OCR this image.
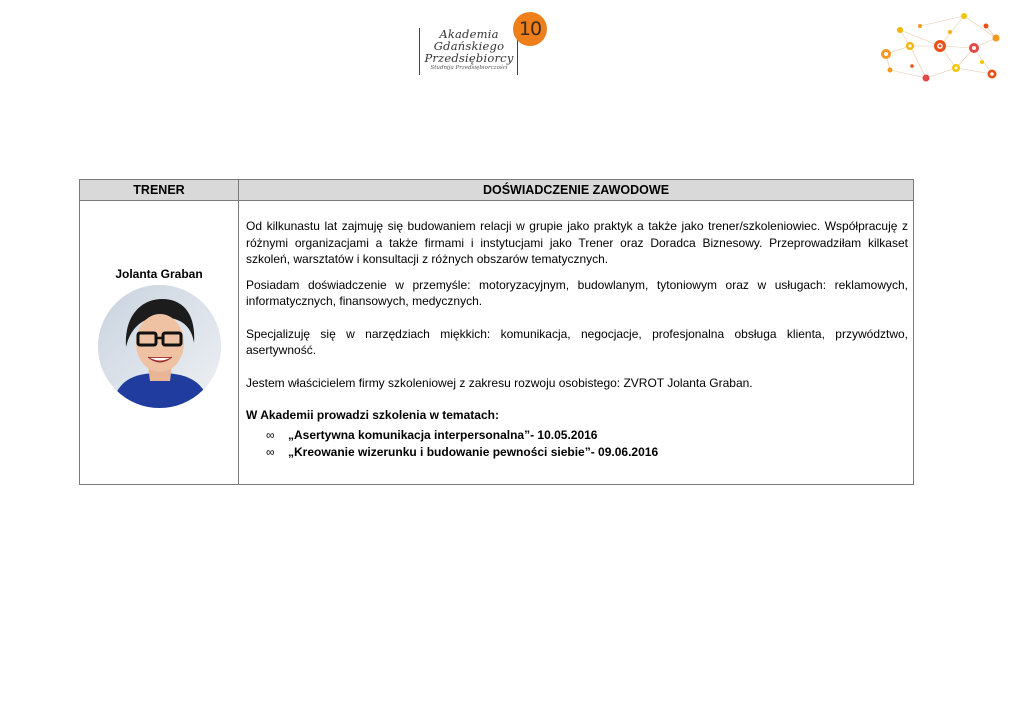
Akademia
Gdańskiego
Przedsiębiorcy
Studnija Przedsiębiorczości
10
TRENER	DOŚWIADCZENIE ZAWODOWE
Jolanta Graban

Od kilkunastu lat zajmuję się budowaniem relacji w grupie jako praktyk a także jako trener/szkoleniowiec. Współpracuję z różnymi organizacjami a także firmami i instytucjami jako Trener oraz Doradca Biznesowy. Przeprowadziłam kilkaset szkoleń, warsztatów i konsultacji z różnych obszarów tematycznych.

Posiadam doświadczenie w przemyśle: motoryzacyjnym, budowlanym, tytoniowym oraz w usługach: reklamowych, informatycznych, finansowych, medycznych.

Specjalizuję się w narzędziach miękkich: komunikacja, negocjacje, profesjonalna obsługa klienta, przywództwo, asertywność.

Jestem właścicielem firmy szkoleniowej z zakresu rozwoju osobistego: ZVROT Jolanta Graban.

W Akademii prowadzi szkolenia w tematach:

∞ „Asertywna komunikacja interpersonalna”- 10.05.2016
∞ „Kreowanie wizerunku i budowanie pewności siebie”- 09.06.2016
